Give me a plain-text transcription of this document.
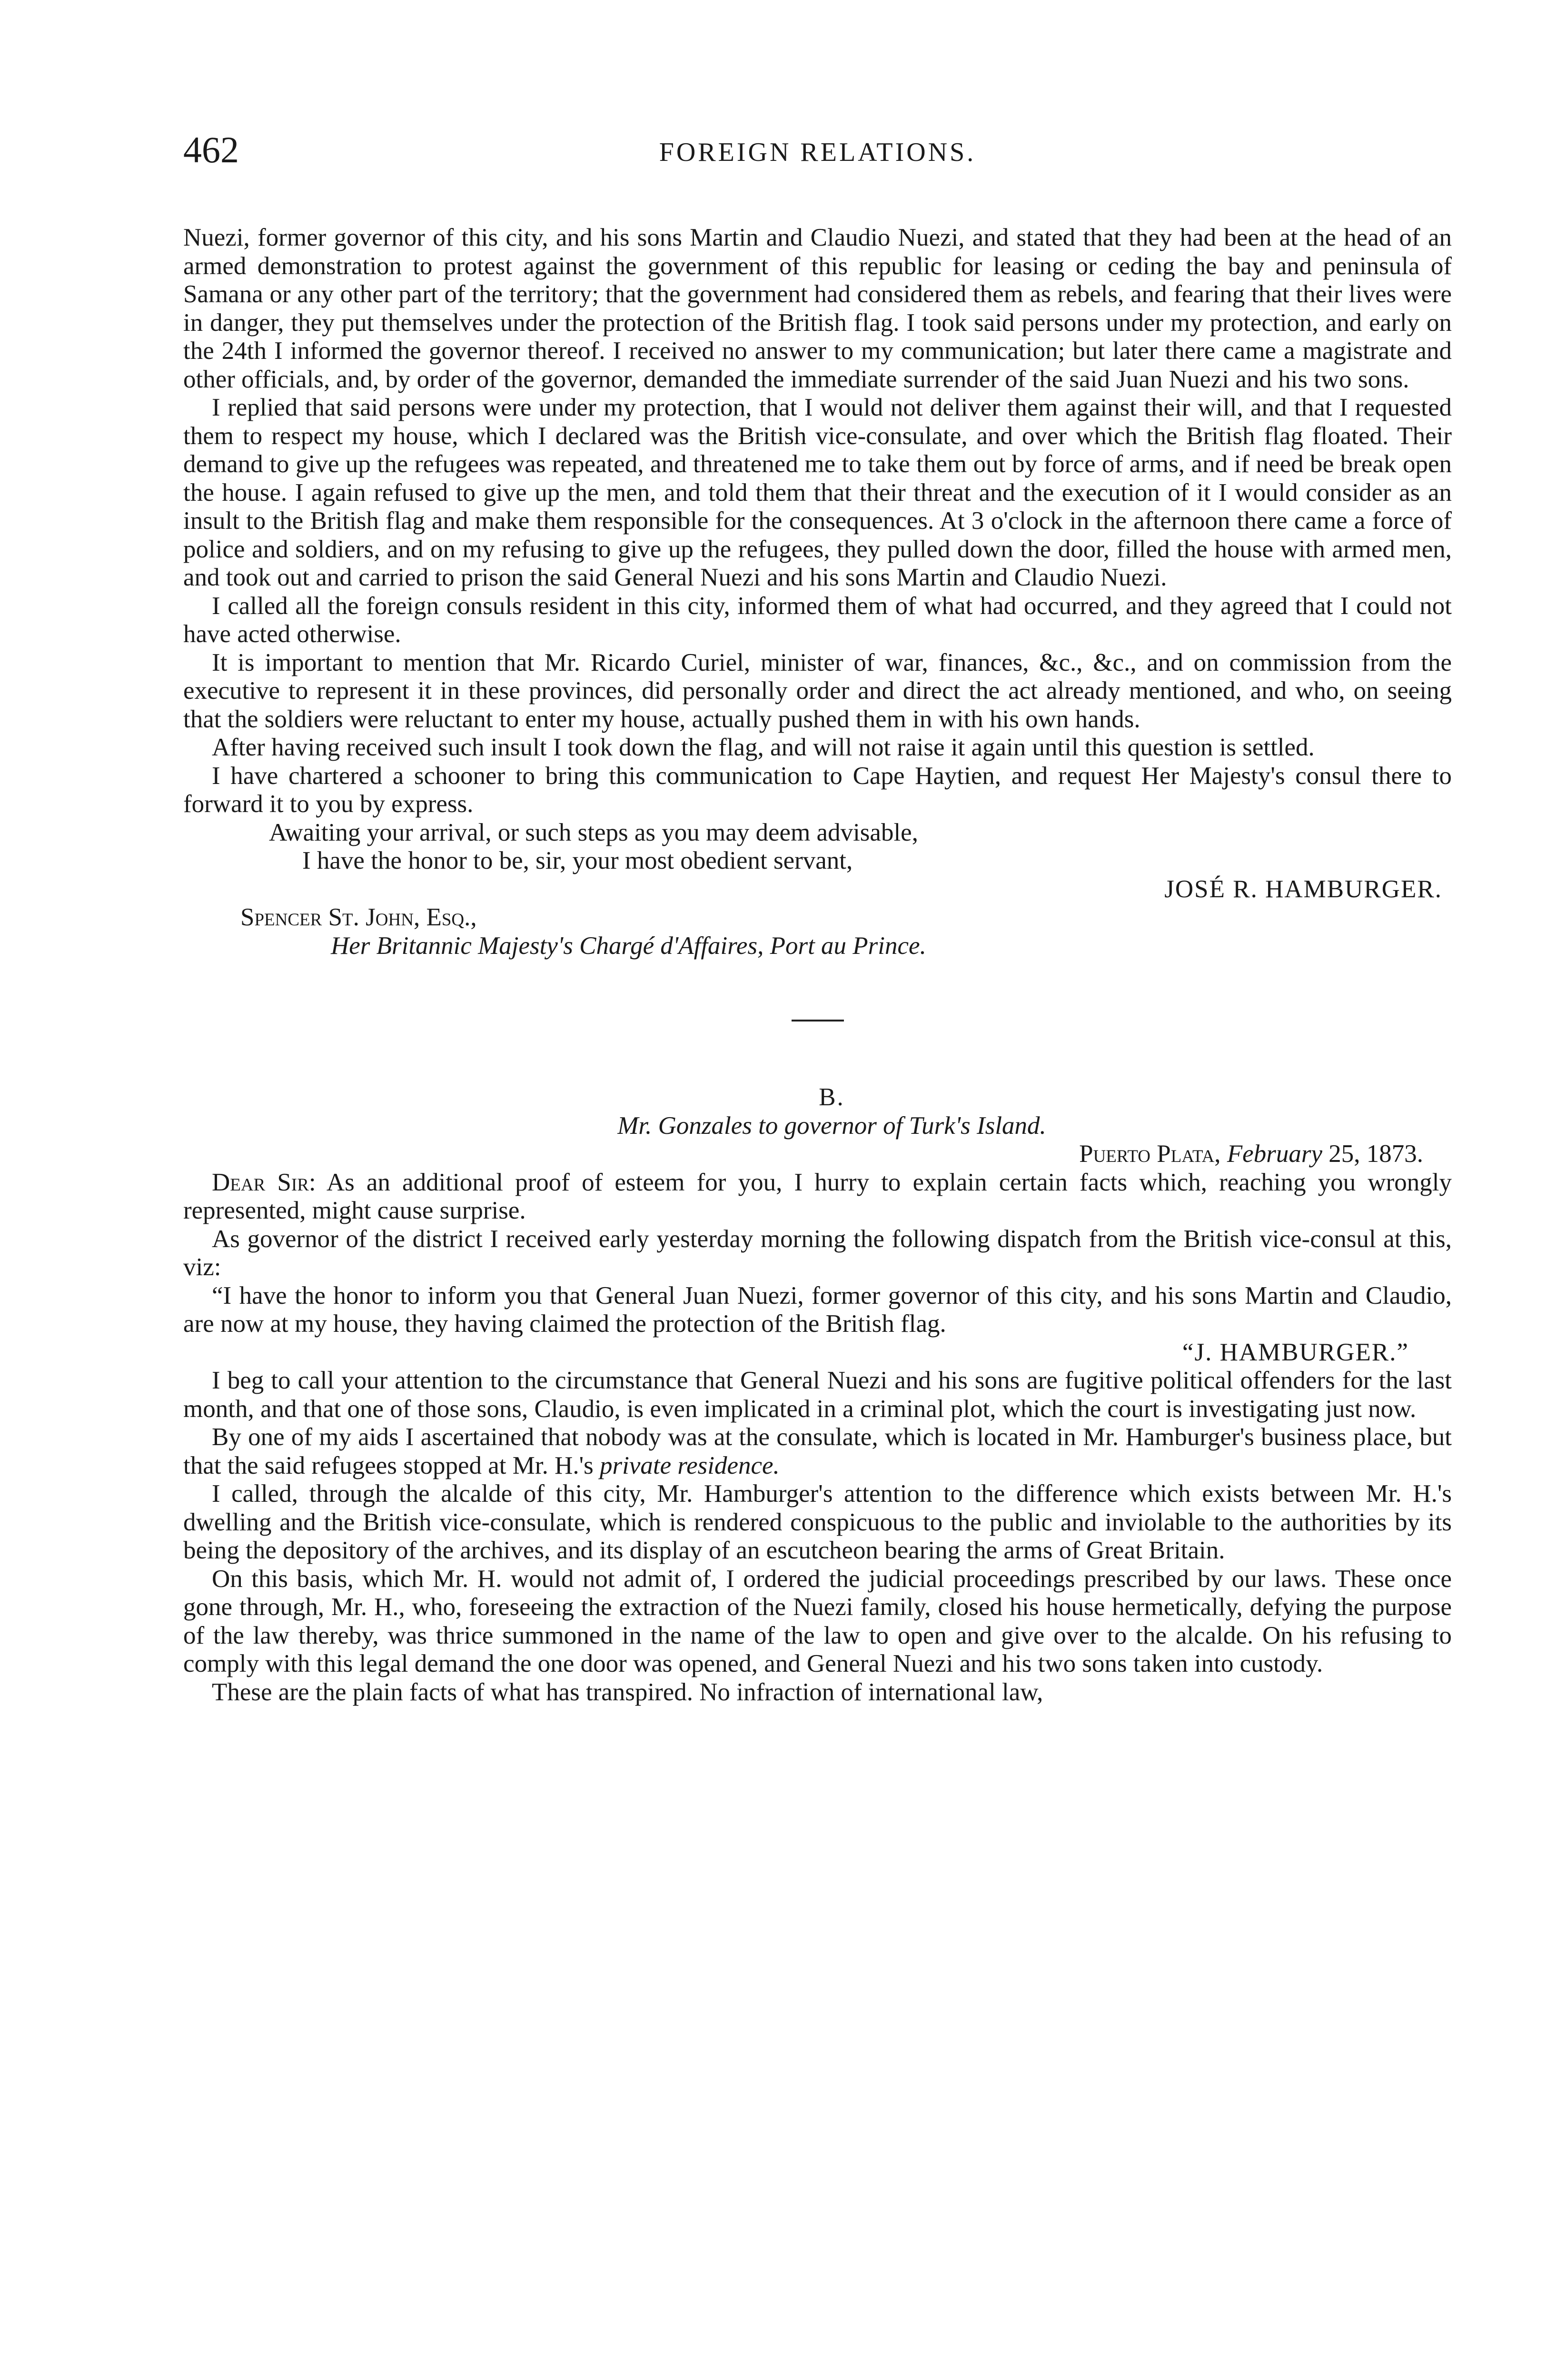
462	FOREIGN RELATIONS.

Nuezi, former governor of this city, and his sons Martin and Claudio Nuezi, and stated that they had been at the head of an armed demonstration to protest against the government of this republic for leasing or ceding the bay and peninsula of Samana or any other part of the territory; that the government had considered them as rebels, and fearing that their lives were in danger, they put themselves under the protection of the British flag. I took said persons under my protection, and early on the 24th I informed the governor thereof. I received no answer to my communication; but later there came a magistrate and other officials, and, by order of the governor, demanded the immediate surrender of the said Juan Nuezi and his two sons.

I replied that said persons were under my protection, that I would not deliver them against their will, and that I requested them to respect my house, which I declared was the British vice-consulate, and over which the British flag floated. Their demand to give up the refugees was repeated, and threatened me to take them out by force of arms, and if need be break open the house. I again refused to give up the men, and told them that their threat and the execution of it I would consider as an insult to the British flag and make them responsible for the consequences. At 3 o'clock in the afternoon there came a force of police and soldiers, and on my refusing to give up the refugees, they pulled down the door, filled the house with armed men, and took out and carried to prison the said General Nuezi and his sons Martin and Claudio Nuezi.

I called all the foreign consuls resident in this city, informed them of what had occurred, and they agreed that I could not have acted otherwise.

It is important to mention that Mr. Ricardo Curiel, minister of war, finances, &c., &c., and on commission from the executive to represent it in these provinces, did personally order and direct the act already mentioned, and who, on seeing that the soldiers were reluctant to enter my house, actually pushed them in with his own hands.

After having received such insult I took down the flag, and will not raise it again until this question is settled.

I have chartered a schooner to bring this communication to Cape Haytien, and request Her Majesty's consul there to forward it to you by express.

Awaiting your arrival, or such steps as you may deem advisable,

I have the honor to be, sir, your most obedient servant,

JOSÉ R. HAMBURGER.

Spencer St. John, Esq.,

Her Britannic Majesty's Chargé d'Affaires, Port au Prince.

B.

Mr. Gonzales to governor of Turk's Island.

Puerto Plata, February 25, 1873.

Dear Sir: As an additional proof of esteem for you, I hurry to explain certain facts which, reaching you wrongly represented, might cause surprise.

As governor of the district I received early yesterday morning the following dispatch from the British vice-consul at this, viz:

“I have the honor to inform you that General Juan Nuezi, former governor of this city, and his sons Martin and Claudio, are now at my house, they having claimed the protection of the British flag.

“J. HAMBURGER.”

I beg to call your attention to the circumstance that General Nuezi and his sons are fugitive political offenders for the last month, and that one of those sons, Claudio, is even implicated in a criminal plot, which the court is investigating just now.

By one of my aids I ascertained that nobody was at the consulate, which is located in Mr. Hamburger's business place, but that the said refugees stopped at Mr. H.'s private residence.

I called, through the alcalde of this city, Mr. Hamburger's attention to the difference which exists between Mr. H.'s dwelling and the British vice-consulate, which is rendered conspicuous to the public and inviolable to the authorities by its being the depository of the archives, and its display of an escutcheon bearing the arms of Great Britain.

On this basis, which Mr. H. would not admit of, I ordered the judicial proceedings prescribed by our laws. These once gone through, Mr. H., who, foreseeing the extraction of the Nuezi family, closed his house hermetically, defying the purpose of the law thereby, was thrice summoned in the name of the law to open and give over to the alcalde. On his refusing to comply with this legal demand the one door was opened, and General Nuezi and his two sons taken into custody.

These are the plain facts of what has transpired. No infraction of international law,
